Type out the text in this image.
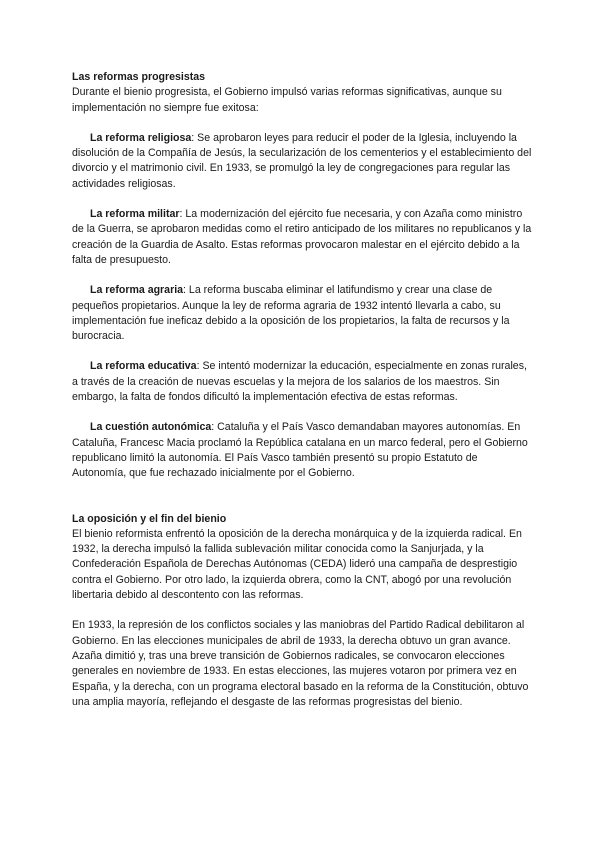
Las reformas progresistas

Durante el bienio progresista, el Gobierno impulsó varias reformas significativas, aunque su implementación no siempre fue exitosa:

La reforma religiosa: Se aprobaron leyes para reducir el poder de la Iglesia, incluyendo la disolución de la Compañía de Jesús, la secularización de los cementerios y el establecimiento del divorcio y el matrimonio civil. En 1933, se promulgó la ley de congregaciones para regular las actividades religiosas.

La reforma militar: La modernización del ejército fue necesaria, y con Azaña como ministro de la Guerra, se aprobaron medidas como el retiro anticipado de los militares no republicanos y la creación de la Guardia de Asalto. Estas reformas provocaron malestar en el ejército debido a la falta de presupuesto.

La reforma agraria: La reforma buscaba eliminar el latifundismo y crear una clase de pequeños propietarios. Aunque la ley de reforma agraria de 1932 intentó llevarla a cabo, su implementación fue ineficaz debido a la oposición de los propietarios, la falta de recursos y la burocracia.

La reforma educativa: Se intentó modernizar la educación, especialmente en zonas rurales, a través de la creación de nuevas escuelas y la mejora de los salarios de los maestros. Sin embargo, la falta de fondos dificultó la implementación efectiva de estas reformas.

La cuestión autonómica: Cataluña y el País Vasco demandaban mayores autonomías. En Cataluña, Francesc Macia proclamó la República catalana en un marco federal, pero el Gobierno republicano limitó la autonomía. El País Vasco también presentó su propio Estatuto de Autonomía, que fue rechazado inicialmente por el Gobierno.

La oposición y el fin del bienio

El bienio reformista enfrentó la oposición de la derecha monárquica y de la izquierda radical. En 1932, la derecha impulsó la fallida sublevación militar conocida como la Sanjurjada, y la Confederación Española de Derechas Autónomas (CEDA) lideró una campaña de desprestigio contra el Gobierno. Por otro lado, la izquierda obrera, como la CNT, abogó por una revolución libertaria debido al descontento con las reformas.

En 1933, la represión de los conflictos sociales y las maniobras del Partido Radical debilitaron al Gobierno. En las elecciones municipales de abril de 1933, la derecha obtuvo un gran avance. Azaña dimitió y, tras una breve transición de Gobiernos radicales, se convocaron elecciones generales en noviembre de 1933. En estas elecciones, las mujeres votaron por primera vez en España, y la derecha, con un programa electoral basado en la reforma de la Constitución, obtuvo una amplia mayoría, reflejando el desgaste de las reformas progresistas del bienio.
